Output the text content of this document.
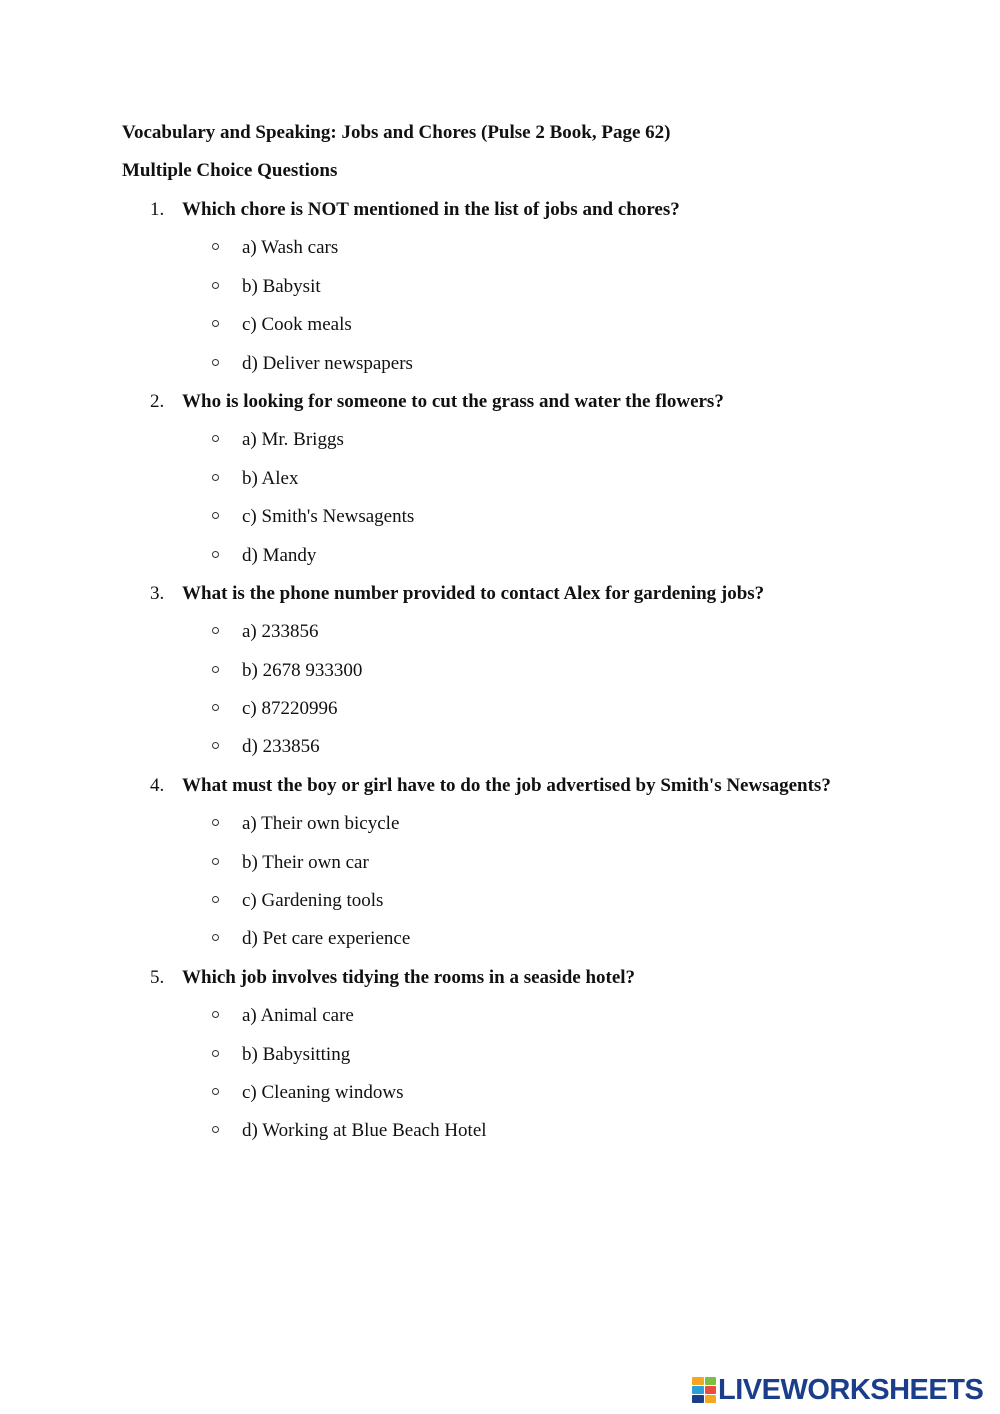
Vocabulary and Speaking: Jobs and Chores (Pulse 2 Book, Page 62)
Multiple Choice Questions
1. Which chore is NOT mentioned in the list of jobs and chores?
a) Wash cars
b) Babysit
c) Cook meals
d) Deliver newspapers
2. Who is looking for someone to cut the grass and water the flowers?
a) Mr. Briggs
b) Alex
c) Smith's Newsagents
d) Mandy
3. What is the phone number provided to contact Alex for gardening jobs?
a) 233856
b) 2678 933300
c) 87220996
d) 233856
4. What must the boy or girl have to do the job advertised by Smith's Newsagents?
a) Their own bicycle
b) Their own car
c) Gardening tools
d) Pet care experience
5. Which job involves tidying the rooms in a seaside hotel?
a) Animal care
b) Babysitting
c) Cleaning windows
d) Working at Blue Beach Hotel
LIVEWORKSHEETS
